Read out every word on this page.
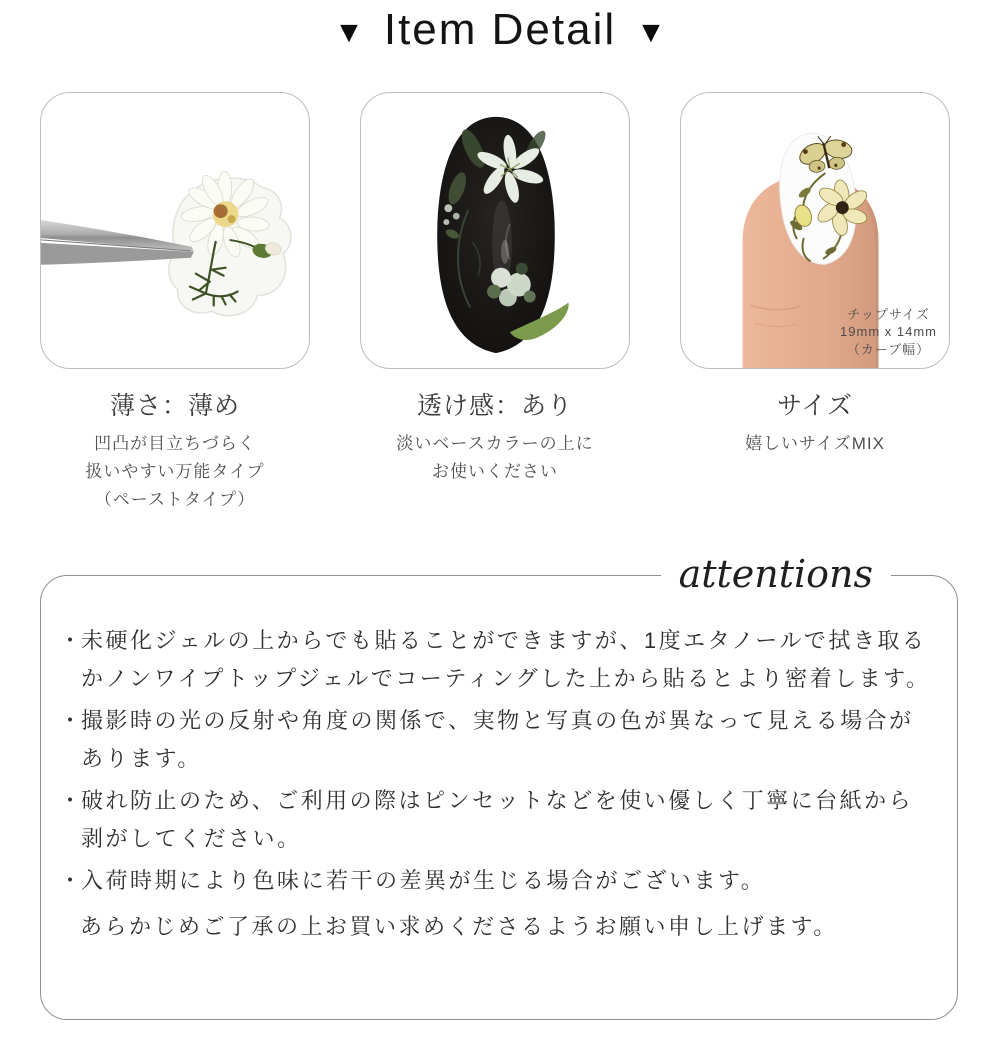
▼ Item Detail ▼
薄さ：薄め

凹凸が目立ちづらく
扱いやすい万能タイプ
（ペーストタイプ）

透け感：あり

淡いベースカラーの上に
お使いください

チップサイズ
19mm x 14mm
（カーブ幅）
サイズ

嬉しいサイズMIX

attentions
・ 未硬化ジェルの上からでも貼ることができますが、1度エタノールで拭き取るかノンワイプトップジェルでコーティングした上から貼るとより密着します。
・ 撮影時の光の反射や角度の関係で、実物と写真の色が異なって見える場合があります。
・ 破れ防止のため、ご利用の際はピンセットなどを使い優しく丁寧に台紙から剥がしてください。
・ 入荷時期により色味に若干の差異が生じる場合がございます。

あらかじめご了承の上お買い求めくださるようお願い申し上げます。
